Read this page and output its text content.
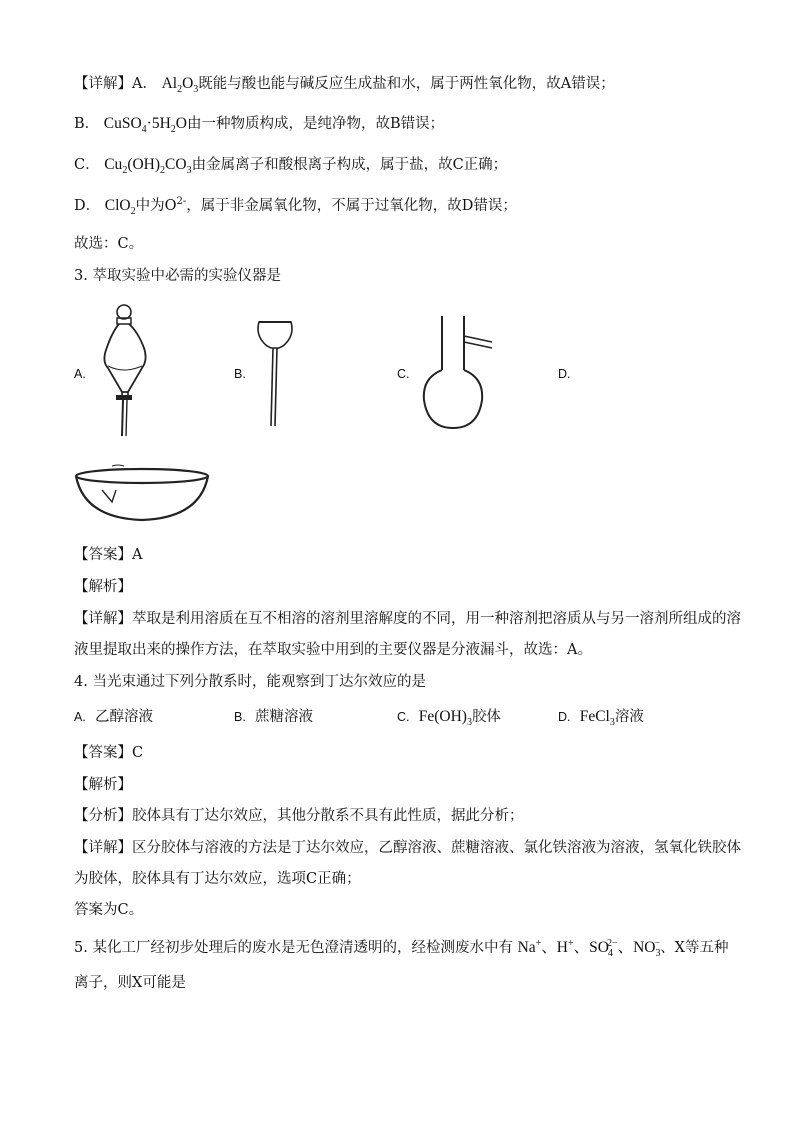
【详解】A． $Al_2O_3$既能与酸也能与碱反应生成盐和水，属于两性氧化物，故A错误；
B． $CuSO_4\cdot 5H_2O$由一种物质构成，是纯净物，故B错误；
C． $Cu_2(OH)_2CO_3$由金属离子和酸根离子构成，属于盐，故C正确；
D． ClO$_2$中为$O^{2-}$，属于非金属氧化物，不属于过氧化物，故D错误；
故选：C。
3. 萃取实验中必需的实验仪器是
A.	B.	C.	D.
【答案】A
【解析】
【详解】萃取是利用溶质在互不相溶的溶剂里溶解度的不同，用一种溶剂把溶质从与另一溶剂所组成的溶
液里提取出来的操作方法，在萃取实验中用到的主要仪器是分液漏斗，故选：A。
4. 当光束通过下列分散系时，能观察到丁达尔效应的是
A. 乙醇溶液	B. 蔗糖溶液	C. $Fe(OH)_3$胶体	D. FeCl$_3$溶液
【答案】C
【解析】
【分析】胶体具有丁达尔效应，其他分散系不具有此性质，据此分析；
【详解】区分胶体与溶液的方法是丁达尔效应，乙醇溶液、蔗糖溶液、氯化铁溶液为溶液，氢氧化铁胶体
为胶体，胶体具有丁达尔效应，选项C正确；
答案为C。
5. 某化工厂经初步处理后的废水是无色澄清透明的，经检测废水中有 Na+、H+、$SO_4^{2-}$、$NO_3^-$、X等五种
离子，则X可能是
